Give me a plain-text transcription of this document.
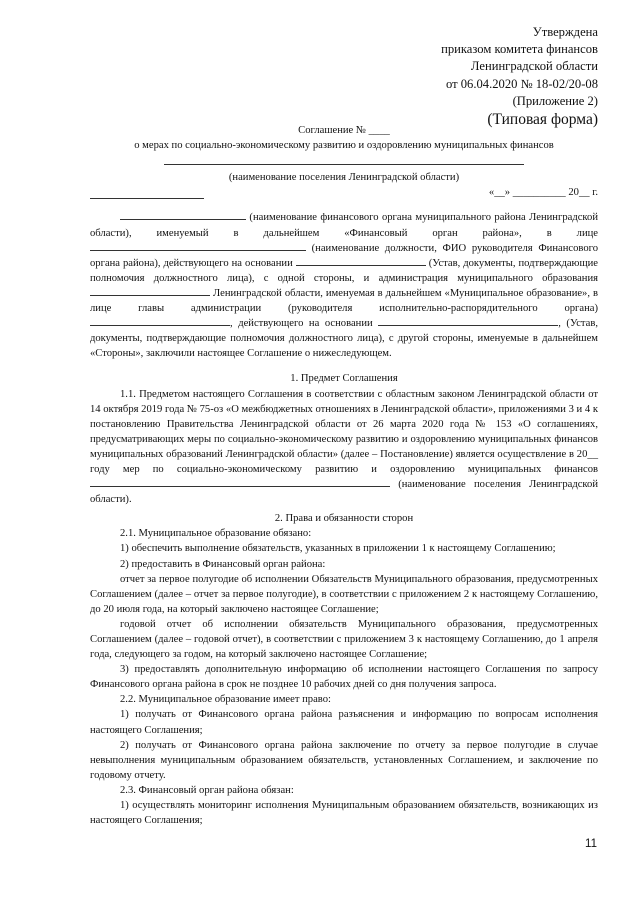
Утверждена
приказом комитета финансов
Ленинградской области
от 06.04.2020 № 18-02/20-08
(Приложение 2)
(Типовая форма)
Соглашение № ____
о мерах по социально-экономическому развитию и оздоровлению муниципальных финансов
(наименование поселения Ленинградской области)
«__» __________ 20__ г.
(наименование финансового органа муниципального района Ленинградской области), именуемый в дальнейшем «Финансовый орган района», в лице  (наименование должности, ФИО руководителя Финансового органа района), действующего на основании	(Устав, документы, подтверждающие полномочия должностного лица), с одной стороны, и администрация муниципального образования  Ленинградской области, именуемая в дальнейшем «Муниципальное образование», в лице главы администрации (руководителя исполнительно-распорядительного органа) , действующего на основании	, (Устав, документы, подтверждающие полномочия должностного лица), с другой стороны, именуемые в дальнейшем «Стороны», заключили настоящее Соглашение о нижеследующем.
1. Предмет Соглашения
1.1. Предметом настоящего Соглашения в соответствии с областным законом Ленинградской области от 14 октября 2019 года № 75-оз «О межбюджетных отношениях в Ленинградской области», приложениями 3 и 4 к постановлению Правительства Ленинградской области от 26 марта 2020 года № 153 «О соглашениях, предусматривающих меры по социально-экономическому развитию и оздоровлению муниципальных финансов муниципальных образований Ленинградской области» (далее – Постановление) является осуществление в 20__ году мер по социально-экономическому развитию и оздоровлению муниципальных финансов (наименование поселения Ленинградской области).
2. Права и обязанности сторон
2.1. Муниципальное образование обязано:
1) обеспечить выполнение обязательств, указанных в приложении 1 к настоящему Соглашению;
2) предоставить в Финансовый орган района:
отчет за первое полугодие об исполнении Обязательств Муниципального образования, предусмотренных Соглашением (далее – отчет за первое полугодие), в соответствии с приложением 2 к настоящему Соглашению, до 20 июля года, на который заключено настоящее Соглашение;
годовой отчет об исполнении обязательств Муниципального образования, предусмотренных Соглашением (далее – годовой отчет), в соответствии с приложением 3 к настоящему Соглашению, до 1 апреля года, следующего за годом, на который заключено настоящее Соглашение;
3) предоставлять дополнительную информацию об исполнении настоящего Соглашения по запросу Финансового органа района в срок не позднее 10 рабочих дней со дня получения запроса.
2.2. Муниципальное образование имеет право:
1) получать от Финансового органа района разъяснения и информацию по вопросам исполнения настоящего Соглашения;
2) получать от Финансового органа района заключение по отчету за первое полугодие в случае невыполнения муниципальным образованием обязательств, установленных Соглашением, и заключение по годовому отчету.
2.3. Финансовый орган района обязан:
1) осуществлять мониторинг исполнения Муниципальным образованием обязательств, возникающих из настоящего Соглашения;
11
